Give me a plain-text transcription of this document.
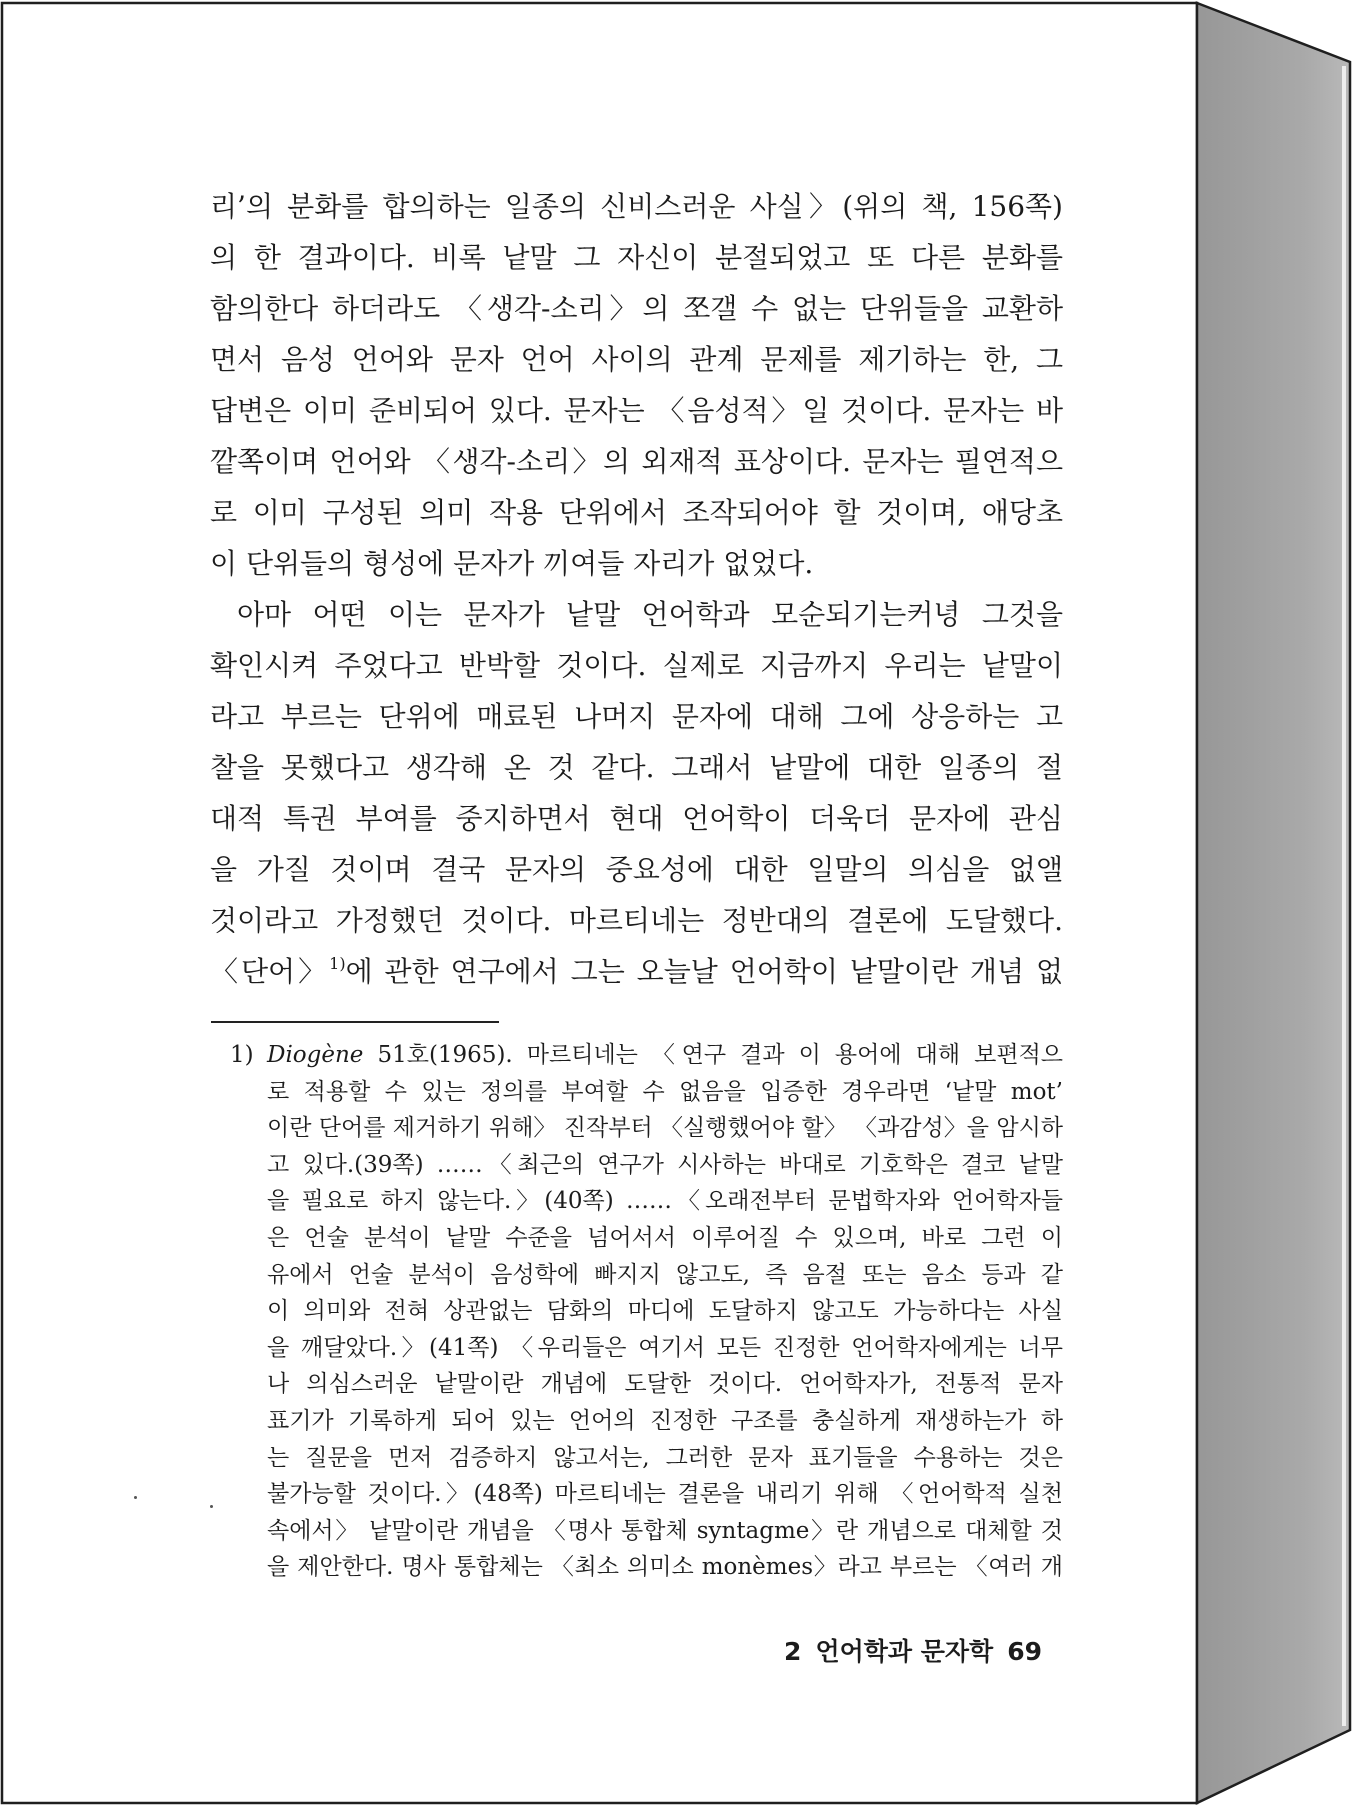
리’의 분화를 합의하는 일종의 신비스러운 사실〉(위의 책, 156쪽)
의 한 결과이다. 비록 낱말 그 자신이 분절되었고 또 다른 분화를
함의한다 하더라도 〈생각-소리〉의 쪼갤 수 없는 단위들을 교환하
면서 음성 언어와 문자 언어 사이의 관계 문제를 제기하는 한, 그
답변은 이미 준비되어 있다. 문자는 〈음성적〉일 것이다. 문자는 바
깥쪽이며 언어와 〈생각-소리〉의 외재적 표상이다. 문자는 필연적으
로 이미 구성된 의미 작용 단위에서 조작되어야 할 것이며, 애당초
이 단위들의 형성에 문자가 끼여들 자리가 없었다.
아마 어떤 이는 문자가 낱말 언어학과 모순되기는커녕 그것을
확인시켜 주었다고 반박할 것이다. 실제로 지금까지 우리는 낱말이
라고 부르는 단위에 매료된 나머지 문자에 대해 그에 상응하는 고
찰을 못했다고 생각해 온 것 같다. 그래서 낱말에 대한 일종의 절
대적 특권 부여를 중지하면서 현대 언어학이 더욱더 문자에 관심
을 가질 것이며 결국 문자의 중요성에 대한 일말의 의심을 없앨
것이라고 가정했던 것이다. 마르티네는 정반대의 결론에 도달했다.
〈단어〉$^{1)}$에 관한 연구에서 그는 오늘날 언어학이 낱말이란 개념 없
1) Diogène 51호(1965). 마르티네는 〈연구 결과 이 용어에 대해 보편적으
로 적용할 수 있는 정의를 부여할 수 없음을 입증한 경우라면 ‘낱말 mot’
이란 단어를 제거하기 위해〉 진작부터 〈실행했어야 할〉 〈과감성〉을 암시하
고 있다.(39쪽) ……〈최근의 연구가 시사하는 바대로 기호학은 결코 낱말
을 필요로 하지 않는다.〉(40쪽) ……〈오래전부터 문법학자와 언어학자들
은 언술 분석이 낱말 수준을 넘어서서 이루어질 수 있으며, 바로 그런 이
유에서 언술 분석이 음성학에 빠지지 않고도, 즉 음절 또는 음소 등과 같
이 의미와 전혀 상관없는 담화의 마디에 도달하지 않고도 가능하다는 사실
을 깨달았다.〉(41쪽) 〈우리들은 여기서 모든 진정한 언어학자에게는 너무
나 의심스러운 낱말이란 개념에 도달한 것이다. 언어학자가, 전통적 문자
표기가 기록하게 되어 있는 언어의 진정한 구조를 충실하게 재생하는가 하
는 질문을 먼저 검증하지 않고서는, 그러한 문자 표기들을 수용하는 것은
불가능할 것이다.〉(48쪽) 마르티네는 결론을 내리기 위해 〈언어학적 실천
속에서〉 낱말이란 개념을 〈명사 통합체 syntagme〉란 개념으로 대체할 것
을 제안한다. 명사 통합체는 〈최소 의미소 monèmes〉라고 부르는 〈여러 개
2 언어학과 문자학 69
